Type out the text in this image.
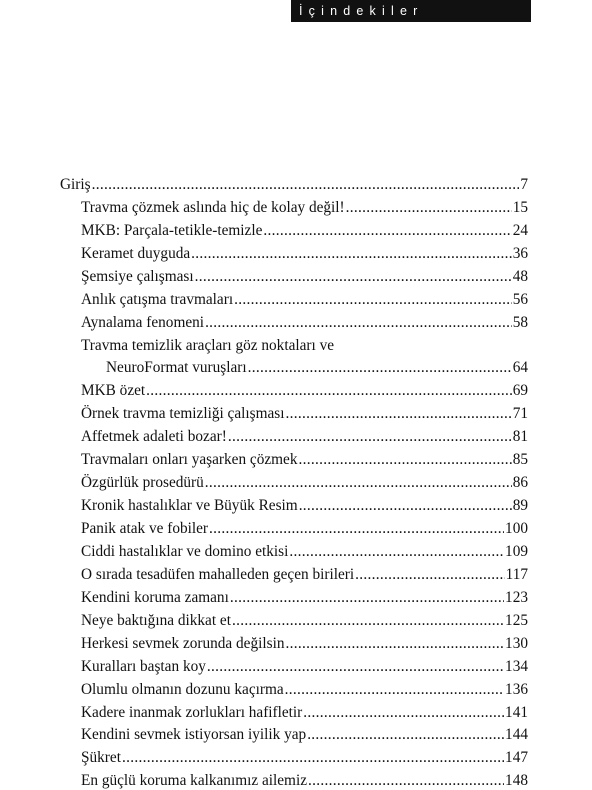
İçindekiler
Giriş .....	7
Travma çözmek aslında hiç de kolay değil! .....	15
MKB: Parçala-tetikle-temizle .....	24
Keramet duyguda .....	36
Şemsiye çalışması .....	48
Anlık çatışma travmaları .....	56
Aynalama fenomeni .....	58
Travma temizlik araçları göz noktaları ve
NeuroFormat vuruşları .....	64
MKB özet .....	69
Örnek travma temizliği çalışması .....	71
Affetmek adaleti bozar! .....	81
Travmaları onları yaşarken çözmek .....	85
Özgürlük prosedürü .....	86
Kronik hastalıklar ve Büyük Resim .....	89
Panik atak ve fobiler .....	100
Ciddi hastalıklar ve domino etkisi .....	109
O sırada tesadüfen mahalleden geçen birileri .....	117
Kendini koruma zamanı .....	123
Neye baktığına dikkat et .....	125
Herkesi sevmek zorunda değilsin .....	130
Kuralları baştan koy .....	134
Olumlu olmanın dozunu kaçırma .....	136
Kadere inanmak zorlukları hafifletir .....	141
Kendini sevmek istiyorsan iyilik yap .....	144
Şükret .....	147
En güçlü koruma kalkanımız ailemiz .....	148
